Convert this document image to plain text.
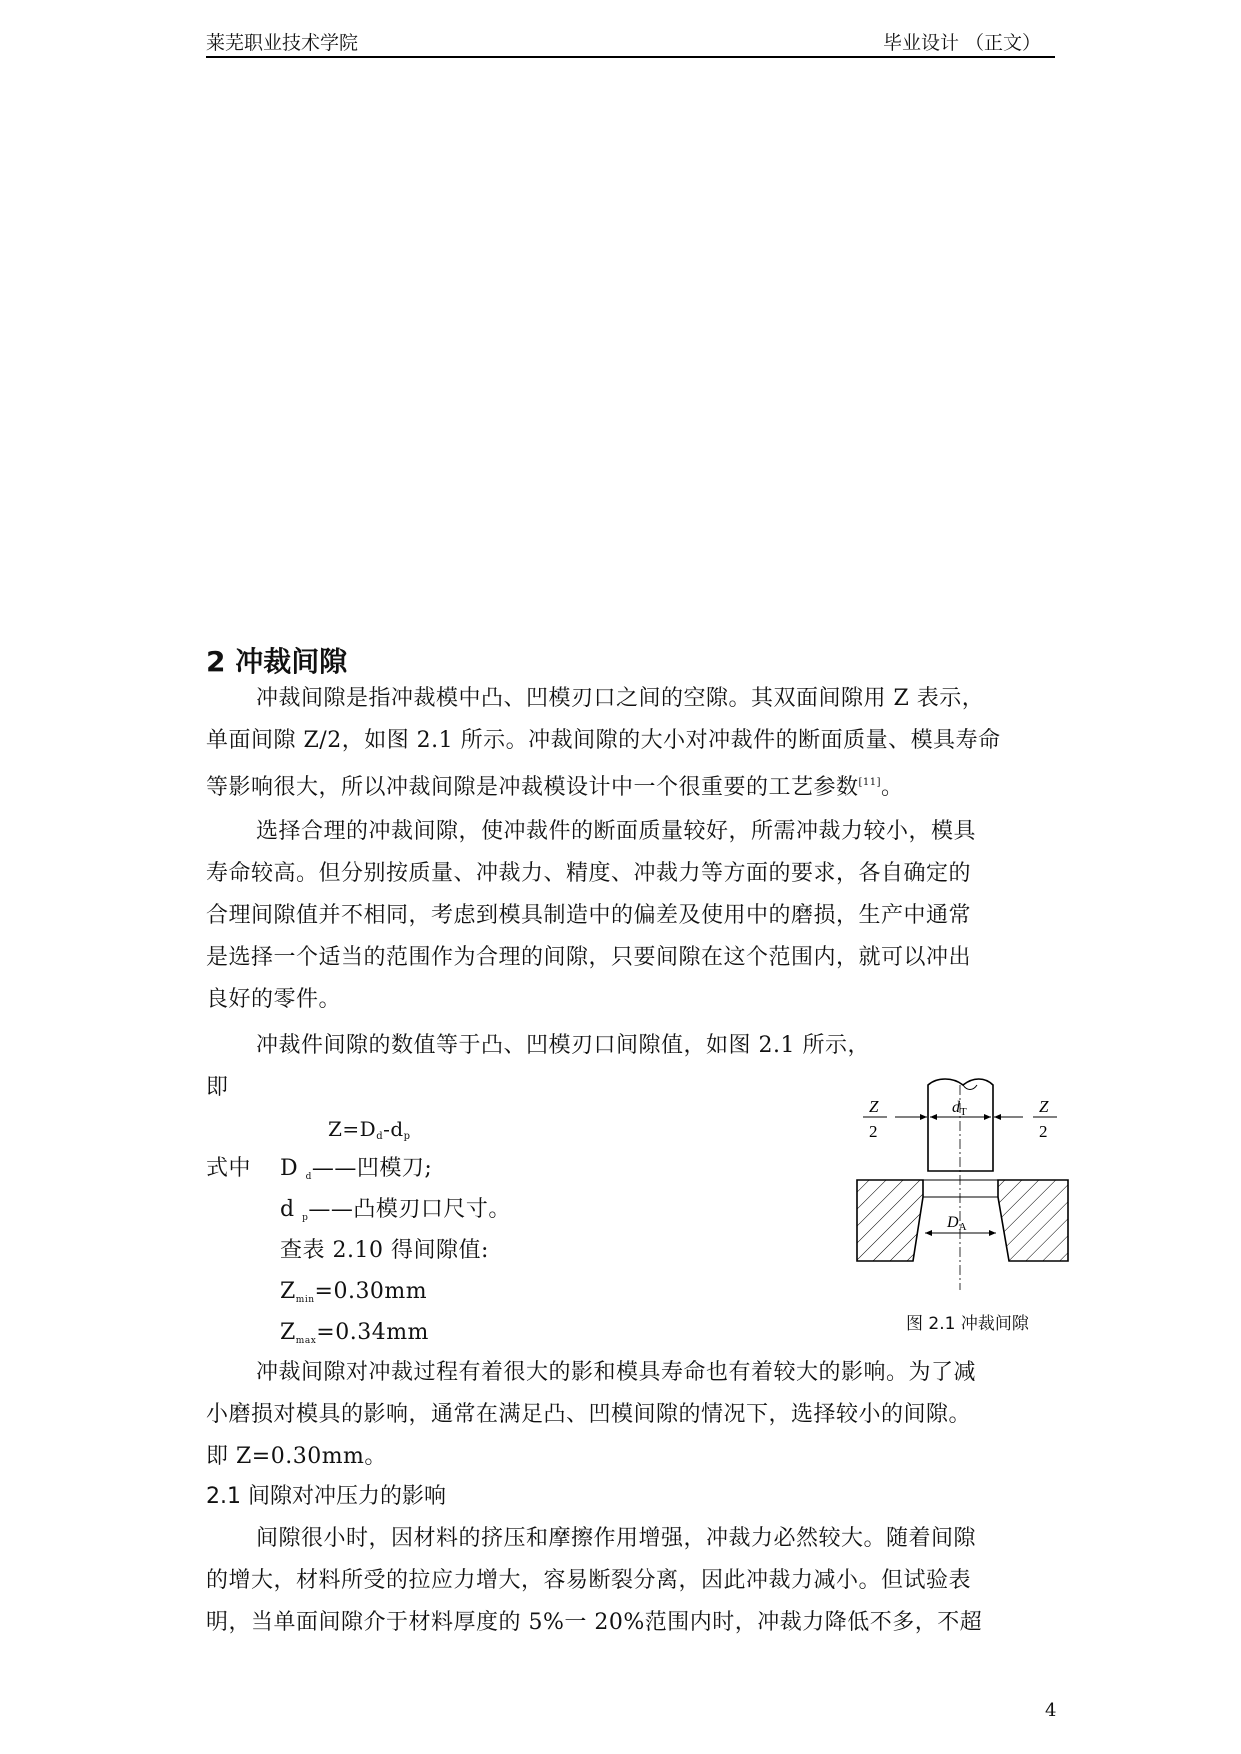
莱芜职业技术学院	毕业设计 （正文）
2 冲裁间隙
冲裁间隙是指冲裁模中凸、凹模刃口之间的空隙。其双面间隙用 Z 表示，
单面间隙 Z/2，如图 2.1 所示。冲裁间隙的大小对冲裁件的断面质量、模具寿命
等影响很大，所以冲裁间隙是冲裁模设计中一个很重要的工艺参数[11]。
选择合理的冲裁间隙，使冲裁件的断面质量较好，所需冲裁力较小，模具
寿命较高。但分别按质量、冲裁力、精度、冲裁力等方面的要求，各自确定的
合理间隙值并不相同，考虑到模具制造中的偏差及使用中的磨损，生产中通常
是选择一个适当的范围作为合理的间隙，只要间隙在这个范围内，就可以冲出
良好的零件。
冲裁件间隙的数值等于凸、凹模刃口间隙值，如图 2.1 所示，
即
$Z=D_d-d_p$
式中 D d——凹模刀;
d p——凸模刃口尺寸。
查表 2.10 得间隙值:
Zmin=0.30mm
Zmax=0.34mm
冲裁间隙对冲裁过程有着很大的影和模具寿命也有着较大的影响。为了减
小磨损对模具的影响，通常在满足凸、凹模间隙的情况下，选择较小的间隙。
即 Z=0.30mm。
2.1 间隙对冲压力的影响
间隙很小时，因材料的挤压和摩擦作用增强，冲裁力必然较大。随着间隙
的增大，材料所受的拉应力增大，容易断裂分离，因此冲裁力减小。但试验表
明，当单面间隙介于材料厚度的 5%一 20%范围内时，冲裁力降低不多，不超
dT
Z
2
Z
2
DA
图 2.1 冲裁间隙
4
